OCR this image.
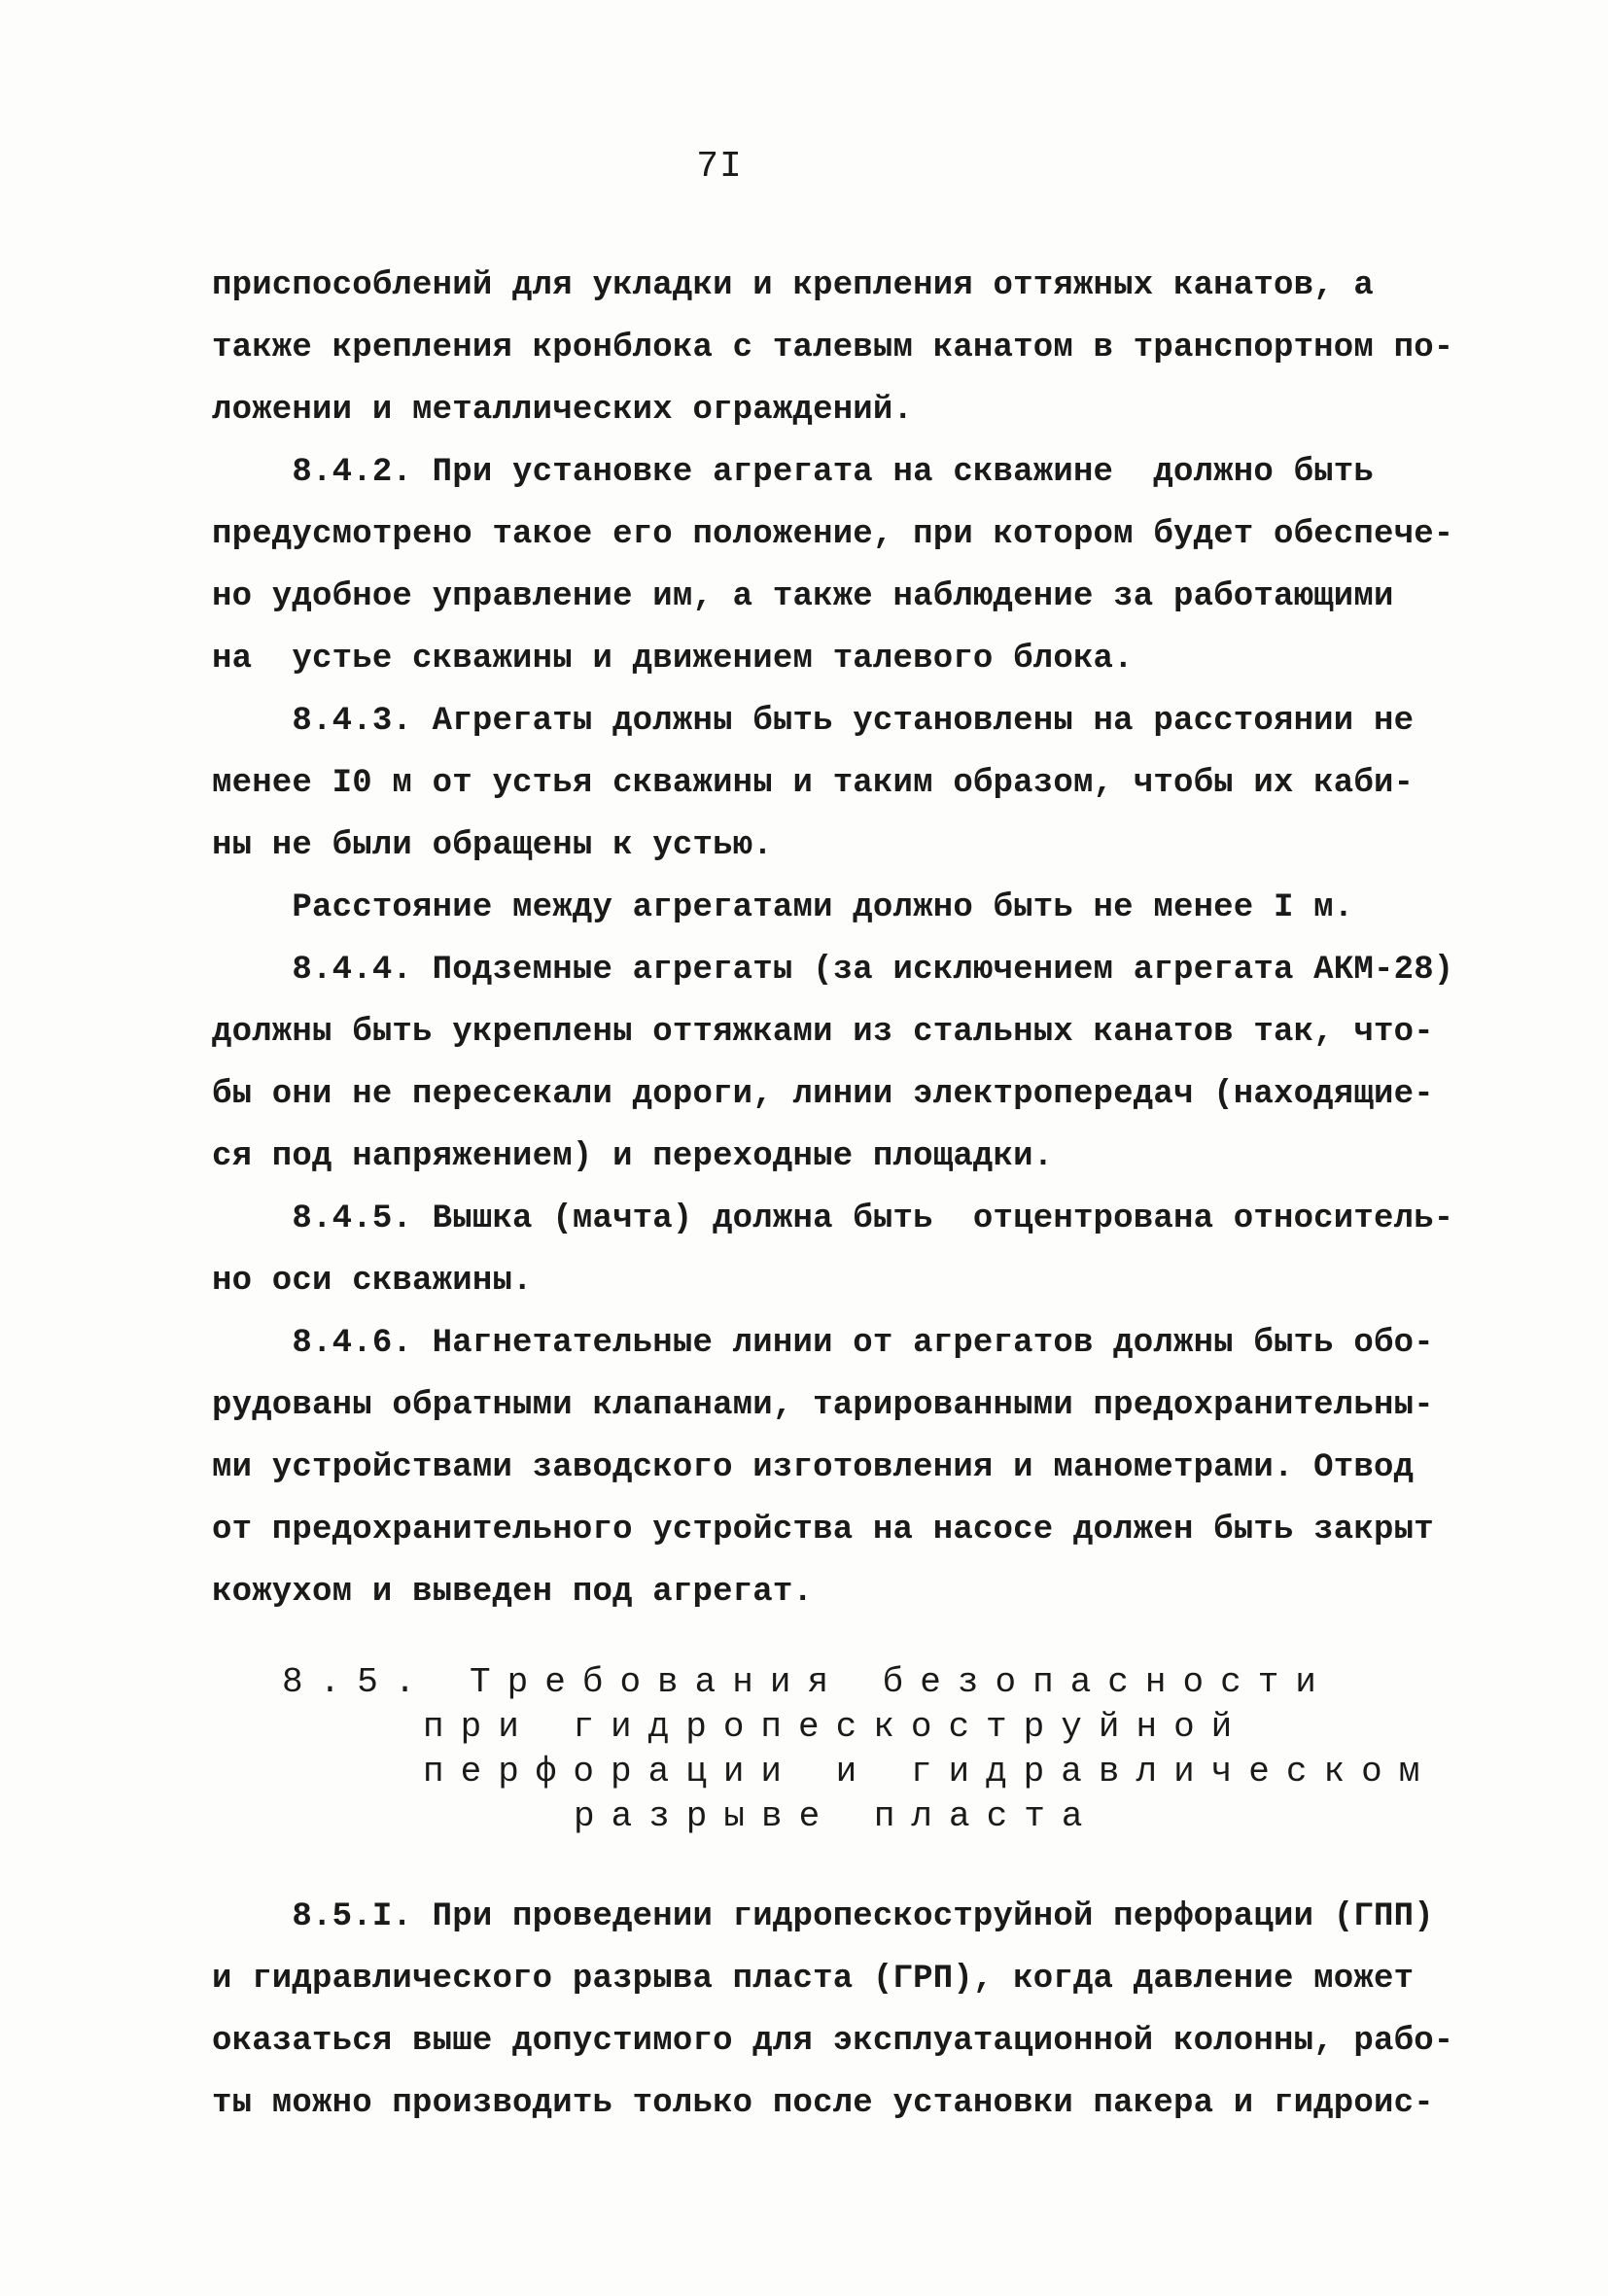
7I
приспособлений для укладки и крепления оттяжных канатов, а
также крепления кронблока с талевым канатом в транспортном по-
ложении и металлических ограждений.
8.4.2. При установке агрегата на скважине  должно быть
предусмотрено такое его положение, при котором будет обеспече-
но удобное управление им, а также наблюдение за работающими
на  устье скважины и движением талевого блока.
8.4.3. Агрегаты должны быть установлены на расстоянии не
менее I0 м от устья скважины и таким образом, чтобы их каби-
ны не были обращены к устью.
Расстояние между агрегатами должно быть не менее I м.
8.4.4. Подземные агрегаты (за исключением агрегата АКМ-28)
должны быть укреплены оттяжками из стальных канатов так, что-
бы они не пересекали дороги, линии электропередач (находящие-
ся под напряжением) и переходные площадки.
8.4.5. Вышка (мачта) должна быть  отцентрована относитель-
но оси скважины.
8.4.6. Нагнетательные линии от агрегатов должны быть обо-
рудованы обратными клапанами, тарированными предохранительны-
ми устройствами заводского изготовления и манометрами. Отвод
от предохранительного устройства на насосе должен быть закрыт
кожухом и выведен под агрегат.
8.5. Требования безопасности
при гидропескоструйной
перфорации и гидравлическом
разрыве пласта
8.5.I. При проведении гидропескоструйной перфорации (ГПП)
и гидравлического разрыва пласта (ГРП), когда давление может
оказаться выше допустимого для эксплуатационной колонны, рабо-
ты можно производить только после установки пакера и гидроис-
